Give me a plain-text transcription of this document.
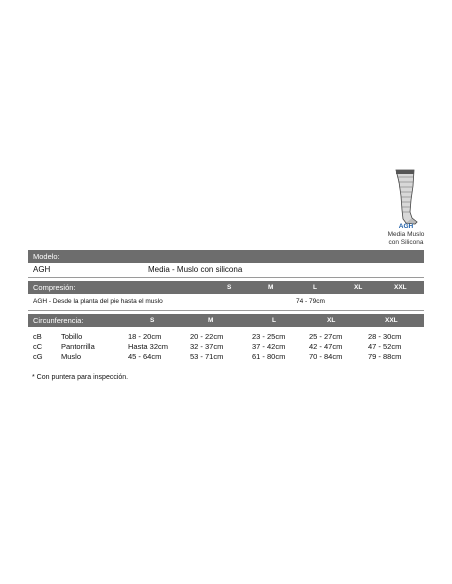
AGH
Media Muslo
con Silicona
Modelo:
AGH	Media - Muslo con silicona
Compresión:	S	M	L	XL	XXL
AGH - Desde la planta del pie hasta el muslo	74 - 79cm
Circunferencia:	S	M	L	XL	XXL
cB	Tobillo	18 - 20cm	20 - 22cm	23 - 25cm	25 - 27cm	28 - 30cm
cC	Pantorrilla	Hasta 32cm	32 - 37cm	37 - 42cm	42 - 47cm	47 - 52cm
cG Muslo	45 - 64cm	53 - 71cm	61 - 80cm	70 - 84cm	79 - 88cm
* Con puntera para inspección.
